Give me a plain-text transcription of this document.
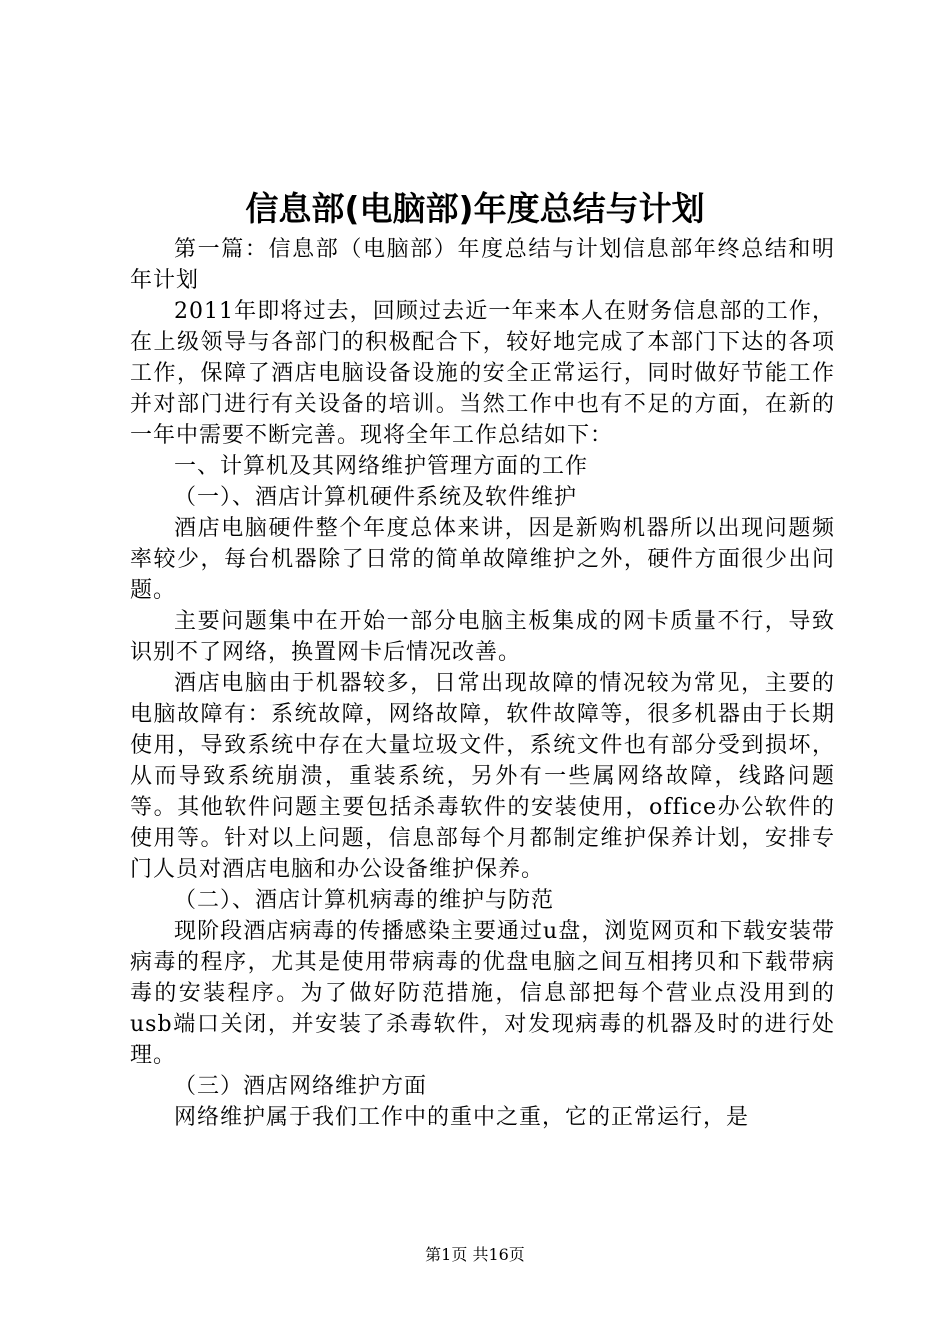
信息部(电脑部)年度总结与计划

第一篇：信息部（电脑部）年度总结与计划信息部年终总结和明年计划

2011年即将过去，回顾过去近一年来本人在财务信息部的工作，在上级领导与各部门的积极配合下，较好地完成了本部门下达的各项工作，保障了酒店电脑设备设施的安全正常运行，同时做好节能工作并对部门进行有关设备的培训。当然工作中也有不足的方面，在新的一年中需要不断完善。现将全年工作总结如下：

一、计算机及其网络维护管理方面的工作

（一）、酒店计算机硬件系统及软件维护

酒店电脑硬件整个年度总体来讲，因是新购机器所以出现问题频率较少，每台机器除了日常的简单故障维护之外，硬件方面很少出问题。

主要问题集中在开始一部分电脑主板集成的网卡质量不行，导致识别不了网络，换置网卡后情况改善。

酒店电脑由于机器较多，日常出现故障的情况较为常见，主要的电脑故障有：系统故障，网络故障，软件故障等，很多机器由于长期使用，导致系统中存在大量垃圾文件，系统文件也有部分受到损坏，从而导致系统崩溃，重装系统，另外有一些属网络故障，线路问题等。其他软件问题主要包括杀毒软件的安装使用，office办公软件的使用等。针对以上问题，信息部每个月都制定维护保养计划，安排专门人员对酒店电脑和办公设备维护保养。

（二）、酒店计算机病毒的维护与防范

现阶段酒店病毒的传播感染主要通过u盘，浏览网页和下载安装带病毒的程序，尤其是使用带病毒的优盘电脑之间互相拷贝和下载带病毒的安装程序。为了做好防范措施，信息部把每个营业点没用到的usb端口关闭，并安装了杀毒软件，对发现病毒的机器及时的进行处理。

（三）酒店网络维护方面

网络维护属于我们工作中的重中之重，它的正常运行，是

第1页 共16页
